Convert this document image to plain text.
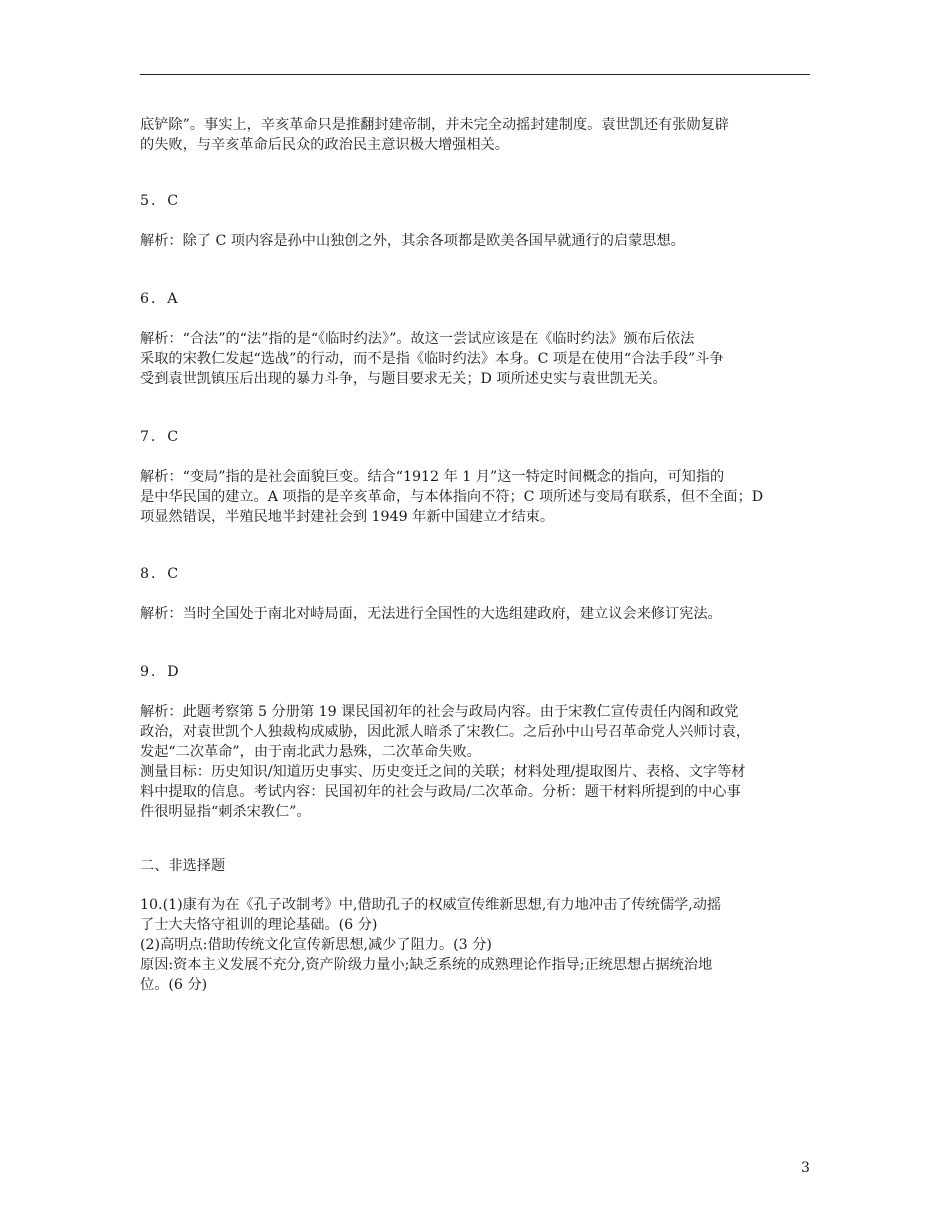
底铲除”。事实上，辛亥革命只是推翻封建帝制，并未完全动摇封建制度。袁世凯还有张勋复辟

的失败，与辛亥革命后民众的政治民主意识极大增强相关。

5．C

解析：除了 C 项内容是孙中山独创之外，其余各项都是欧美各国早就通行的启蒙思想。

6．A

解析：“合法”的“法”指的是“《临时约法》”。故这一尝试应该是在《临时约法》颁布后依法

采取的宋教仁发起“选战”的行动，而不是指《临时约法》本身。C 项是在使用“合法手段”斗争

受到袁世凯镇压后出现的暴力斗争，与题目要求无关；D 项所述史实与袁世凯无关。

7．C

解析：“变局”指的是社会面貌巨变。结合“1912 年 1 月”这一特定时间概念的指向，可知指的

是中华民国的建立。A 项指的是辛亥革命，与本体指向不符；C 项所述与变局有联系，但不全面；D

项显然错误，半殖民地半封建社会到 1949 年新中国建立才结束。

8．C

解析：当时全国处于南北对峙局面，无法进行全国性的大选组建政府，建立议会来修订宪法。

9．D

解析：此题考察第 5 分册第 19 课民国初年的社会与政局内容。由于宋教仁宣传责任内阁和政党

政治，对袁世凯个人独裁构成威胁，因此派人暗杀了宋教仁。之后孙中山号召革命党人兴师讨袁，

发起“二次革命”，由于南北武力悬殊，二次革命失败。

测量目标：历史知识/知道历史事实、历史变迁之间的关联；材料处理/提取图片、表格、文字等材

料中提取的信息。考试内容：民国初年的社会与政局/二次革命。分析：题干材料所提到的中心事

件很明显指“刺杀宋教仁”。

二、非选择题

10.(1)康有为在《孔子改制考》中,借助孔子的权威宣传维新思想,有力地冲击了传统儒学,动摇

了士大夫恪守祖训的理论基础。(6 分)

(2)高明点:借助传统文化宣传新思想,减少了阻力。(3 分)

原因:资本主义发展不充分,资产阶级力量小;缺乏系统的成熟理论作指导;正统思想占据统治地

位。(6 分)

3
